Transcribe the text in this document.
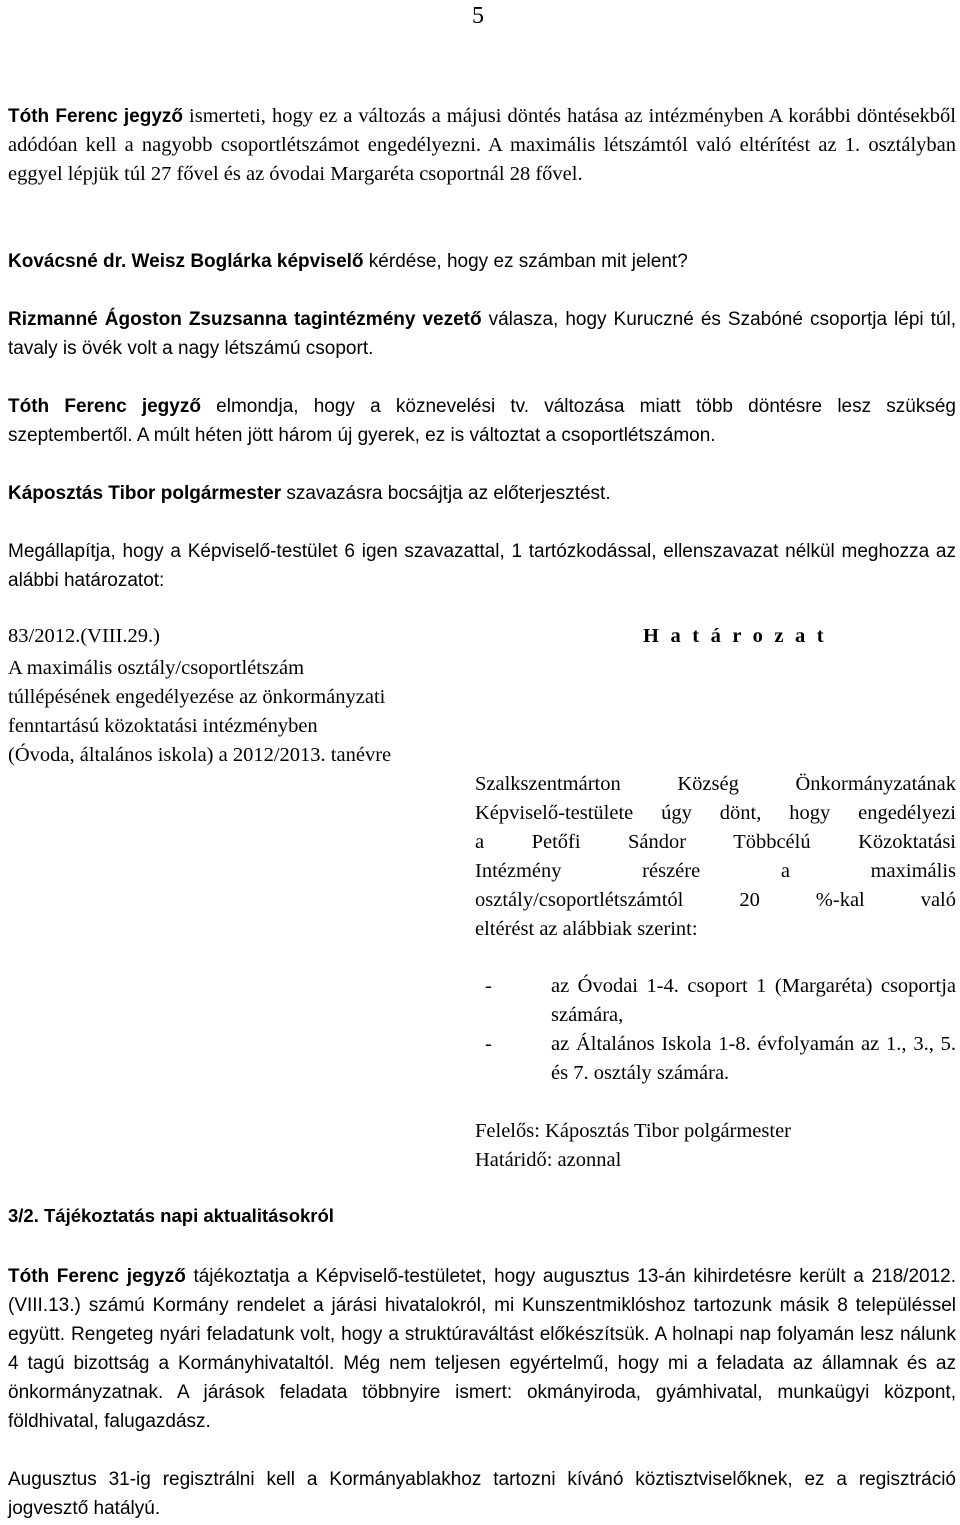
5

Tóth Ferenc jegyző ismerteti, hogy ez a változás a májusi döntés hatása az intézményben A korábbi döntésekből adódóan kell a nagyobb csoportlétszámot engedélyezni. A maximális létszámtól való eltérítést az 1. osztályban eggyel lépjük túl 27 fővel és az óvodai Margaréta csoportnál 28 fővel.

Kovácsné dr. Weisz Boglárka képviselő kérdése, hogy ez számban mit jelent?

Rizmanné Ágoston Zsuzsanna tagintézmény vezető válasza, hogy Kuruczné és Szabóné csoportja lépi túl, tavaly is övék volt a nagy létszámú csoport.

Tóth Ferenc jegyző elmondja, hogy a köznevelési tv. változása miatt több döntésre lesz szükség szeptembertől. A múlt héten jött három új gyerek, ez is változtat a csoportlétszámon.

Káposztás Tibor polgármester szavazásra bocsájtja az előterjesztést.

Megállapítja, hogy a Képviselő-testület 6 igen szavazattal, 1 tartózkodással, ellenszavazat nélkül meghozza az alábbi határozatot:

83/2012.(VIII.29.)	H a t á r o z a t
A maximális osztály/csoportlétszám
túllépésének engedélyezése az önkormányzati
fenntartású közoktatási intézményben
(Óvoda, általános iskola) a 2012/2013. tanévre
Szalkszentmárton Község Önkormányzatának
Képviselő-testülete úgy dönt, hogy engedélyezi
a Petőfi Sándor Többcélú Közoktatási
Intézmény részére a maximális
osztály/csoportlétszámtól 20 %-kal való
eltérést az alábbiak szerint:
-	az Óvodai 1-4. csoport 1 (Margaréta) csoportja számára,
-	az Általános Iskola 1-8. évfolyamán az 1., 3., 5. és 7. osztály számára.
Felelős: Káposztás Tibor polgármester
Határidő: azonnal
3/2. Tájékoztatás napi aktualitásokról

Tóth Ferenc jegyző tájékoztatja a Képviselő-testületet, hogy augusztus 13-án kihirdetésre került a 218/2012. (VIII.13.) számú Kormány rendelet a járási hivatalokról, mi Kunszentmiklóshoz tartozunk másik 8 településsel együtt. Rengeteg nyári feladatunk volt, hogy a struktúraváltást előkészítsük. A holnapi nap folyamán lesz nálunk 4 tagú bizottság a Kormányhivataltól. Még nem teljesen egyértelmű, hogy mi a feladata az államnak és az önkormányzatnak. A járások feladata többnyire ismert: okmányiroda, gyámhivatal, munkaügyi központ, földhivatal, falugazdász.

Augusztus 31-ig regisztrálni kell a Kormányablakhoz tartozni kívánó köztisztviselőknek, ez a regisztráció jogvesztő hatályú.
